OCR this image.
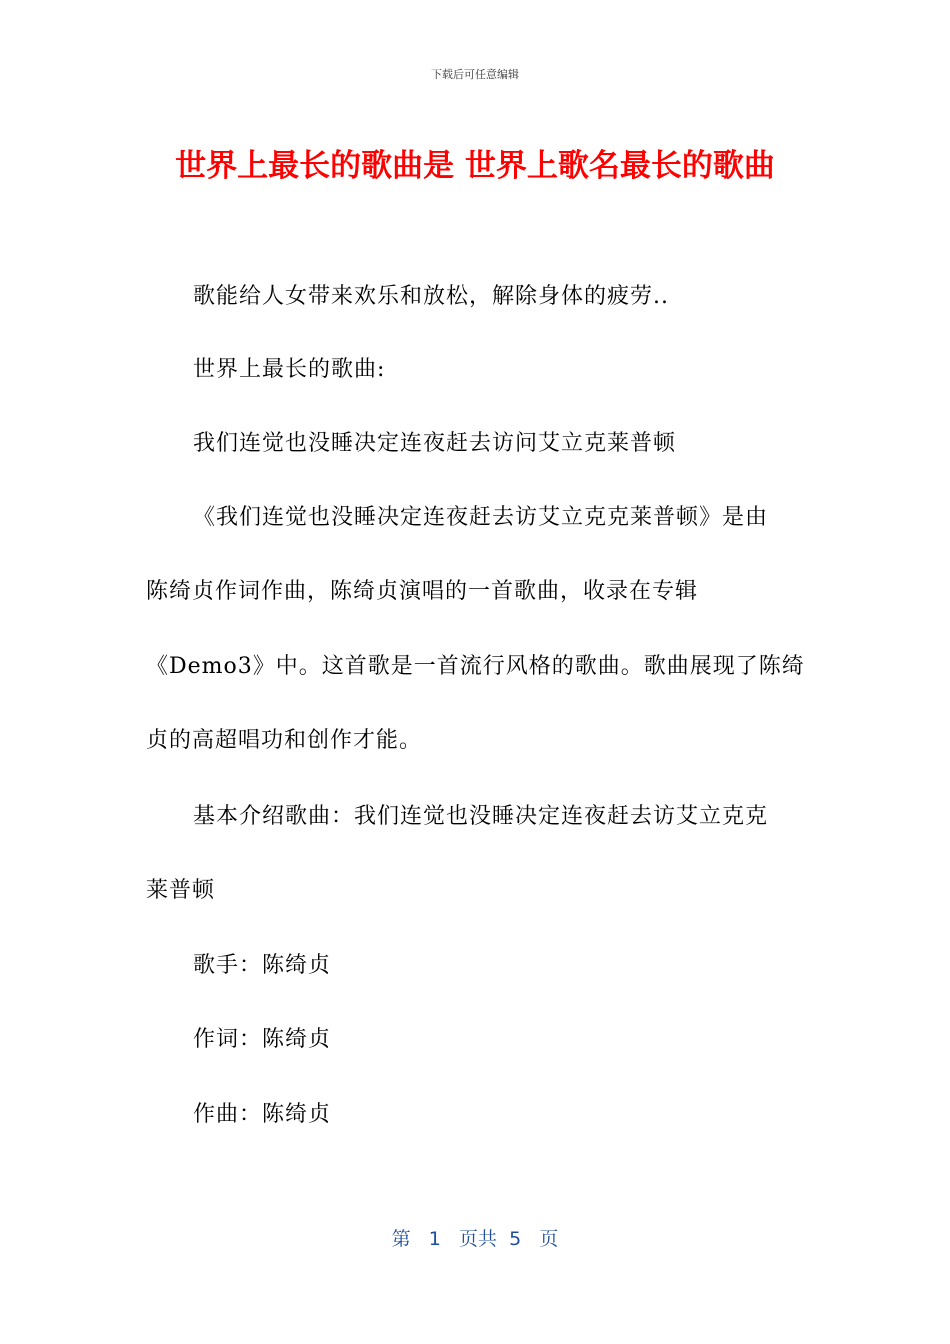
下载后可任意编辑
世界上最长的歌曲是 世界上歌名最长的歌曲
歌能给人女带来欢乐和放松，解除身体的疲劳..
世界上最长的歌曲:
我们连觉也没睡决定连夜赶去访问艾立克莱普顿
《我们连觉也没睡决定连夜赶去访艾立克克莱普顿》是由
陈绮贞作词作曲，陈绮贞演唱的一首歌曲，收录在专辑
《Demo3》中。这首歌是一首流行风格的歌曲。歌曲展现了陈绮
贞的高超唱功和创作才能。
基本介绍歌曲：我们连觉也没睡决定连夜赶去访艾立克克
莱普顿
歌手：陈绮贞
作词：陈绮贞
作曲：陈绮贞
第 1 页共 5 页
